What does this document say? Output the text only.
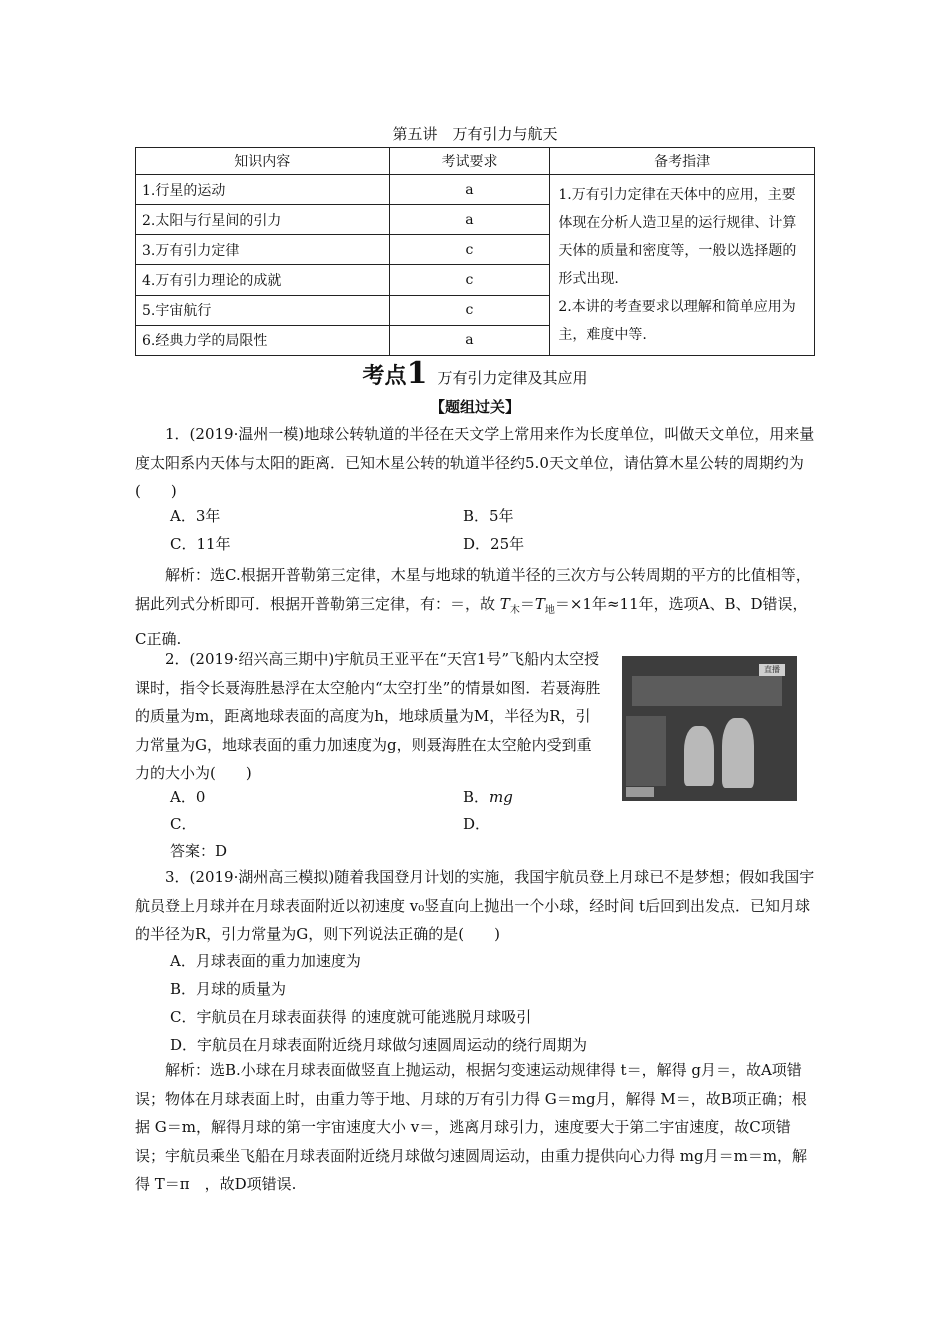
第五讲　万有引力与航天
知识内容	考试要求	备考指津
1.行星的运动	a	1.万有引力定律在天体中的应用，主要体现在分析人造卫星的运行规律、计算天体的质量和密度等，一般以选择题的形式出现.
2.本讲的考查要求以理解和简单应用为主，难度中等.

2.太阳与行星间的引力	a	
3.万有引力定律	c	
4.万有引力理论的成就	c	
5.宇宙航行	c	
6.经典力学的局限性	a	
考点1 万有引力定律及其应用
【题组过关】
1．(2019·温州一模)地球公转轨道的半径在天文学上常用来作为长度单位，叫做天文单位，用来量度太阳系内天体与太阳的距离．已知木星公转的轨道半径约5.0天文单位，请估算木星公转的周期约为(　　)
A．3年	B．5年
C．11年	D．25年
解析：选C.根据开普勒第三定律，木星与地球的轨道半径的三次方与公转周期的平方的比值相等，据此列式分析即可．根据开普勒第三定律，有：＝，故 $T_木=T_地=\times 1$年≈11年，选项A、B、D错误，C正确.
2．(2019·绍兴高三期中)宇航员王亚平在“天宫1号”飞船内太空授课时，指令长聂海胜悬浮在太空舱内“太空打坐”的情景如图．若聂海胜的质量为m，距离地球表面的高度为h，地球质量为M，半径为R，引力常量为G，地球表面的重力加速度为g，则聂海胜在太空舱内受到重力的大小为(　　)
直播
A．0	B．mg
C．	D．
答案：D
3．(2019·湖州高三模拟)随着我国登月计划的实施，我国宇航员登上月球已不是梦想；假如我国宇航员登上月球并在月球表面附近以初速度 v₀竖直向上抛出一个小球，经时间 t后回到出发点．已知月球的半径为R，引力常量为G，则下列说法正确的是(　　)
A．月球表面的重力加速度为
B．月球的质量为
C．宇航员在月球表面获得 的速度就可能逃脱月球吸引
D．宇航员在月球表面附近绕月球做匀速圆周运动的绕行周期为
解析：选B.小球在月球表面做竖直上抛运动，根据匀变速运动规律得 t＝，解得 g月＝，故A项错误；物体在月球表面上时，由重力等于地、月球的万有引力得 G＝mg月，解得 M＝，故B项正确；根据 G＝m，解得月球的第一宇宙速度大小 v＝，逃离月球引力，速度要大于第二宇宙速度，故C项错误；宇航员乘坐飞船在月球表面附近绕月球做匀速圆周运动，由重力提供向心力得 mg月＝m＝m，解得 T＝π　，故D项错误.
